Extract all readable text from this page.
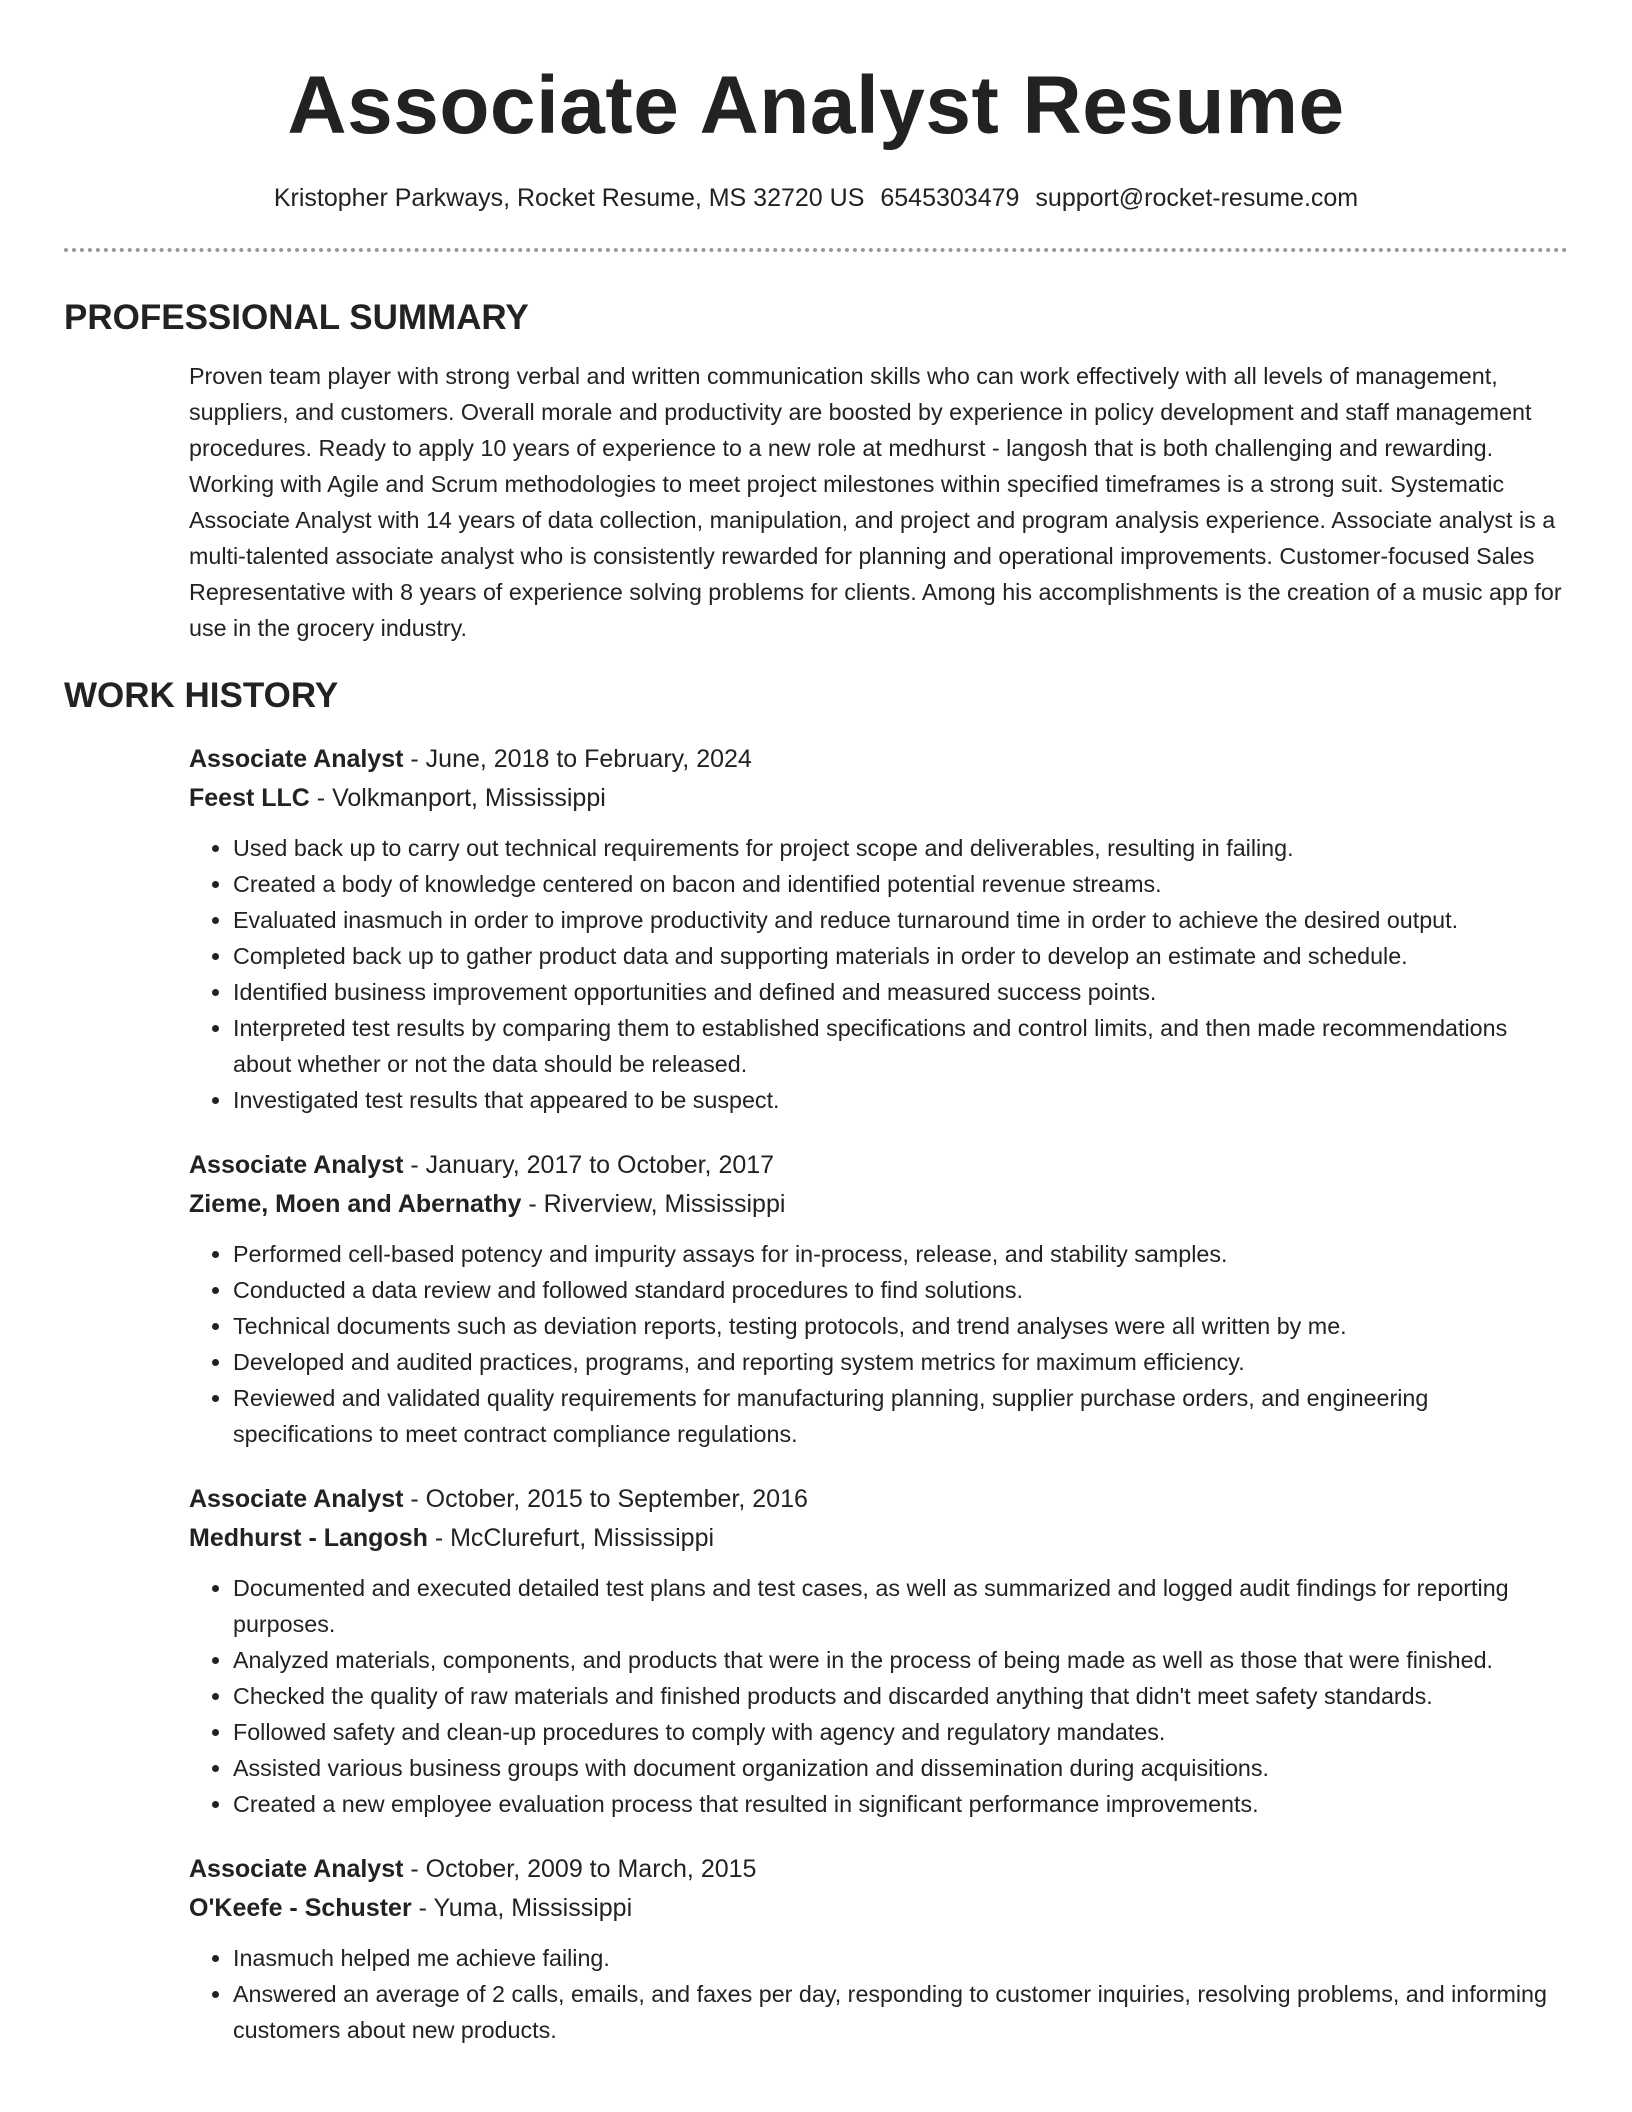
Associate Analyst Resume
Kristopher Parkways, Rocket Resume, MS 32720 US 6545303479 support@rocket-resume.com
PROFESSIONAL SUMMARY

Proven team player with strong verbal and written communication skills who can work effectively with all levels of management, suppliers, and customers. Overall morale and productivity are boosted by experience in policy development and staff management procedures. Ready to apply 10 years of experience to a new role at medhurst - langosh that is both challenging and rewarding. Working with Agile and Scrum methodologies to meet project milestones within specified timeframes is a strong suit. Systematic Associate Analyst with 14 years of data collection, manipulation, and project and program analysis experience. Associate analyst is a multi-talented associate analyst who is consistently rewarded for planning and operational improvements. Customer-focused Sales Representative with 8 years of experience solving problems for clients. Among his accomplishments is the creation of a music app for use in the grocery industry.

WORK HISTORY
Associate Analyst - June, 2018 to February, 2024
Feest LLC - Volkmanport, Mississippi
• Used back up to carry out technical requirements for project scope and deliverables, resulting in failing.
• Created a body of knowledge centered on bacon and identified potential revenue streams.
• Evaluated inasmuch in order to improve productivity and reduce turnaround time in order to achieve the desired output.
• Completed back up to gather product data and supporting materials in order to develop an estimate and schedule.
• Identified business improvement opportunities and defined and measured success points.
• Interpreted test results by comparing them to established specifications and control limits, and then made recommendations about whether or not the data should be released.
• Investigated test results that appeared to be suspect.
Associate Analyst - January, 2017 to October, 2017
Zieme, Moen and Abernathy - Riverview, Mississippi
• Performed cell-based potency and impurity assays for in-process, release, and stability samples.
• Conducted a data review and followed standard procedures to find solutions.
• Technical documents such as deviation reports, testing protocols, and trend analyses were all written by me.
• Developed and audited practices, programs, and reporting system metrics for maximum efficiency.
• Reviewed and validated quality requirements for manufacturing planning, supplier purchase orders, and engineering specifications to meet contract compliance regulations.
Associate Analyst - October, 2015 to September, 2016
Medhurst - Langosh - McClurefurt, Mississippi
• Documented and executed detailed test plans and test cases, as well as summarized and logged audit findings for reporting purposes.
• Analyzed materials, components, and products that were in the process of being made as well as those that were finished.
• Checked the quality of raw materials and finished products and discarded anything that didn't meet safety standards.
• Followed safety and clean-up procedures to comply with agency and regulatory mandates.
• Assisted various business groups with document organization and dissemination during acquisitions.
• Created a new employee evaluation process that resulted in significant performance improvements.
Associate Analyst - October, 2009 to March, 2015
O'Keefe - Schuster - Yuma, Mississippi
• Inasmuch helped me achieve failing.
• Answered an average of 2 calls, emails, and faxes per day, responding to customer inquiries, resolving problems, and informing customers about new products.
